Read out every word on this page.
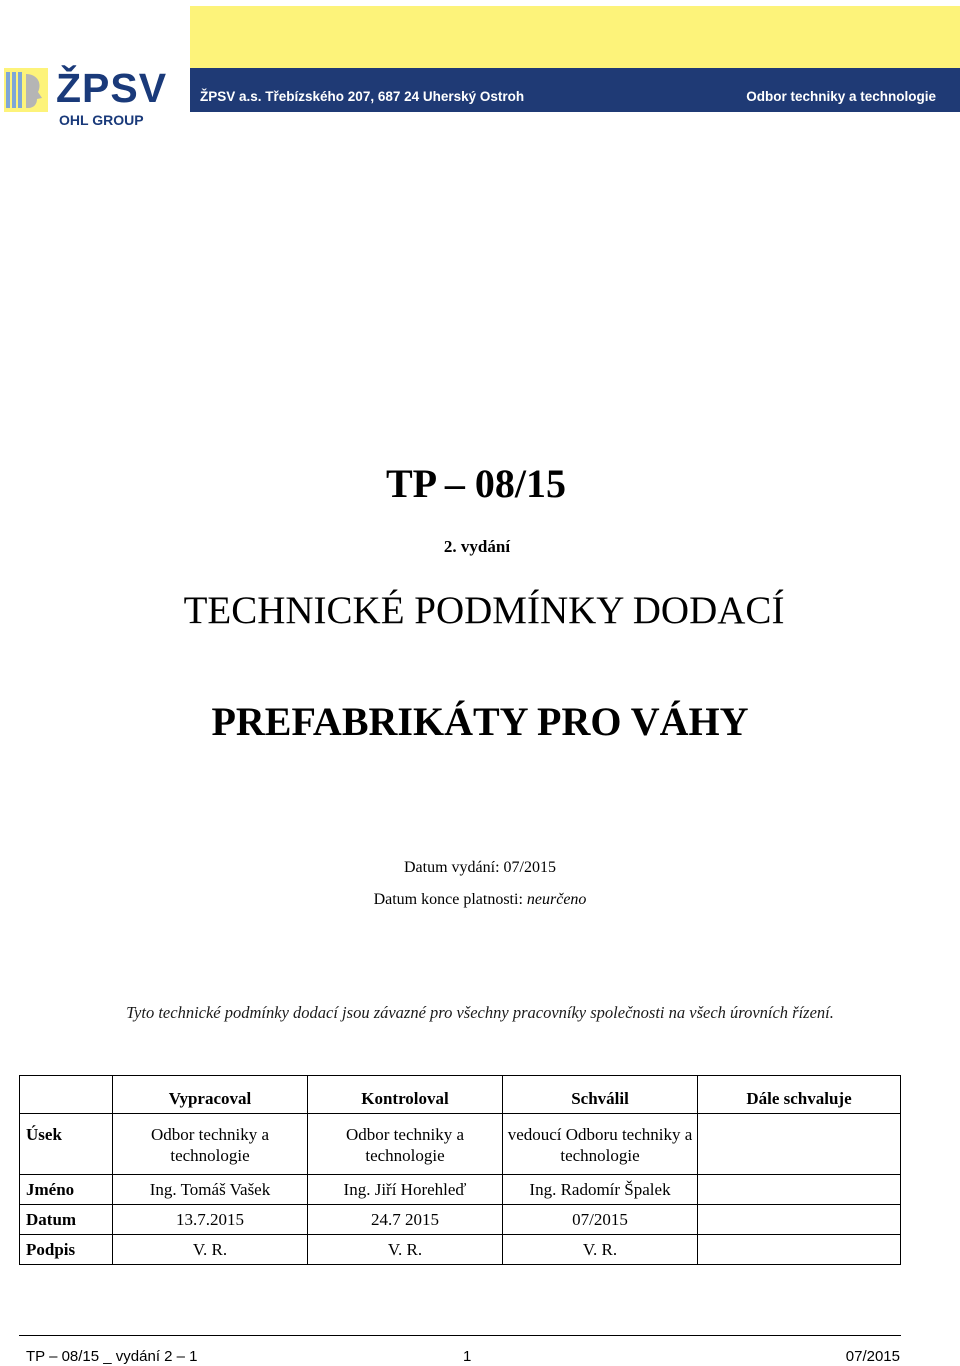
ŽPSV
OHL GROUP
ŽPSV a.s. Třebízského 207, 687 24 Uherský Ostroh	Odbor techniky a technologie
TP – 08/15
2. vydání
TECHNICKÉ PODMÍNKY DODACÍ
PREFABRIKÁTY PRO VÁHY
Datum vydání: 07/2015
Datum konce platnosti: neurčeno
Tyto technické podmínky dodací jsou závazné pro všechny pracovníky společnosti na všech úrovních řízení.
	Vypracoval	Kontroloval	Schválil	Dále schvaluje
Úsek	Odbor techniky a technologie	Odbor techniky a technologie	vedoucí Odboru techniky a technologie	
Jméno	Ing. Tomáš Vašek	Ing. Jiří Horehleď	Ing. Radomír Špalek	
Datum	13.7.2015	24.7 2015	07/2015	
Podpis	V. R.	V. R.	V. R.	
TP – 08/15 _ vydání 2 – 1	1	07/2015
